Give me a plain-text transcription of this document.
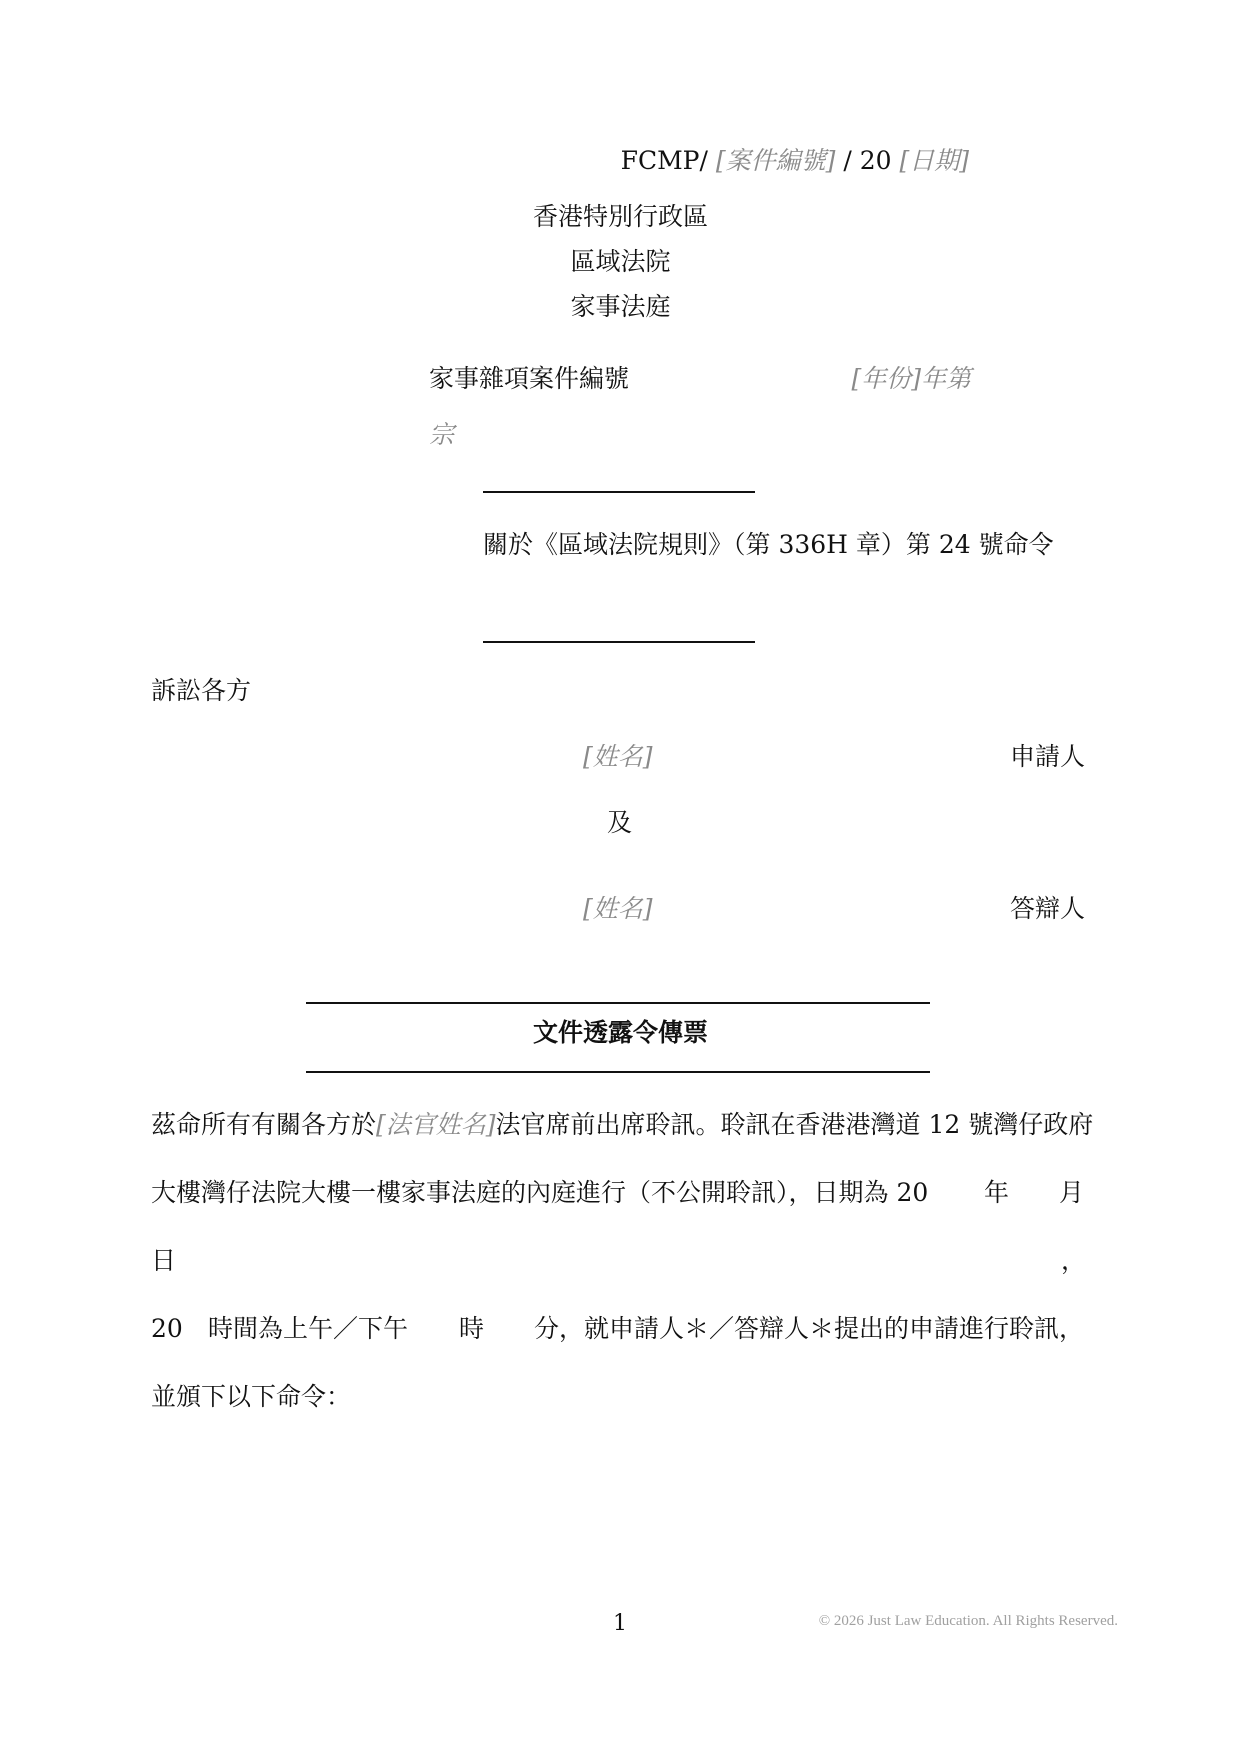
FCMP/ [案件編號] / 20 [日期]
香港特別行政區
區域法院
家事法庭
家事雜項案件編號	[年份]年第
宗
關於《區域法院規則》（第 336H 章）第 24 號命令
訴訟各方
[姓名]	申請人
及
[姓名]	答辯人
文件透露令傳票
茲命所有有關各方於[法官姓名]法官席前出席聆訊。聆訊在香港港灣道 12 號灣仔政府
大樓灣仔法院大樓一樓家事法庭的內庭進行（不公開聆訊），日期為 20 年 月
日	，
20 時間為上午／下午 時 分，就申請人＊／答辯人＊提出的申請進行聆訊，
並頒下以下命令：
1	© 2026 Just Law Education. All Rights Reserved.
